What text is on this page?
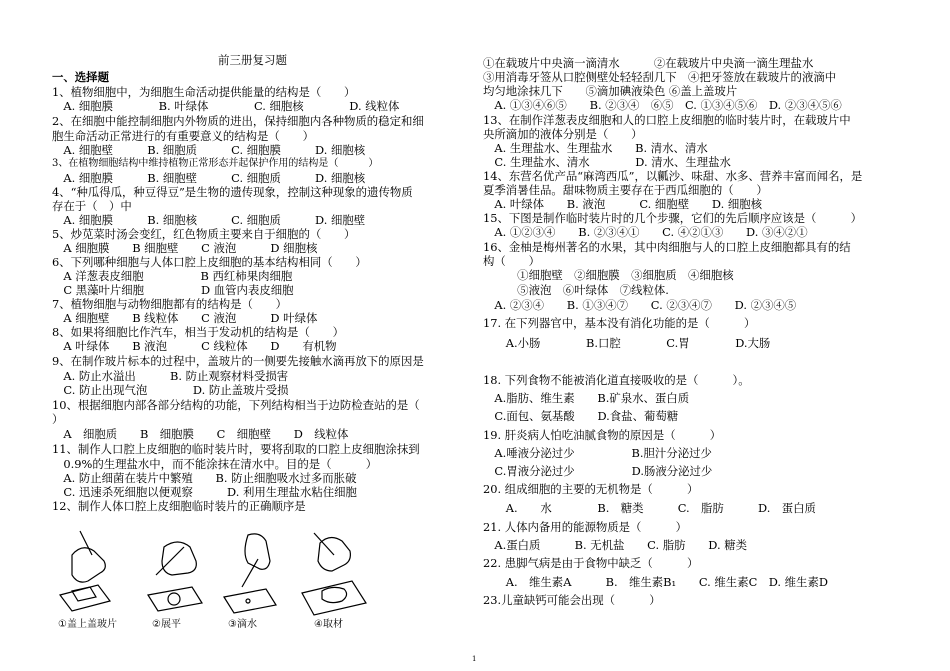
前三册复习题
一、选择题
1、植物细胞中，为细胞生命活动提供能量的结构是（　　）
　A. 细胞膜　　　　B. 叶绿体　　　　C. 细胞核　　　　D. 线粒体
2、在细胞中能控制细胞内外物质的进出，保持细胞内各种物质的稳定和细
胞生命活动正常进行的有重要意义的结构是（　　）
　A. 细胞壁　　　B. 细胞质　　　C. 细胞膜　　　D. 细胞核
3、在植物细胞结构中维持植物正常形态并起保护作用的结构是（　　　）
　A. 细胞膜　　　B. 细胞壁　　　C. 细胞质　　　D. 细胞核
4、“种瓜得瓜，种豆得豆”是生物的遗传现象，控制这种现象的遗传物质
存在于（　）中
　A. 细胞膜　　　B. 细胞核　　　C. 细胞质　　　D. 细胞壁
5、炒苋菜时汤会变红，红色物质主要来自于细胞的（　　）
　A 细胞膜　　B 细胞壁　　C 液泡　　　D 细胞核
6、下列哪种细胞与人体口腔上皮细胞的基本结构相同（　　）
　A 洋葱表皮细胞　　　　　B 西红柿果肉细胞
　C 黑藻叶片细胞　　　　　D 血管内表皮细胞
7、植物细胞与动物细胞都有的结构是（　　）
　A 细胞壁　　B 线粒体　　C 液泡　　　D 叶绿体
8、如果将细胞比作汽车，相当于发动机的结构是（　　）
　A 叶绿体　　B 液泡　　　C 线粒体　　D　　有机物
9、在制作玻片标本的过程中，盖玻片的一侧要先接触水滴再放下的原因是
　A. 防止水溢出　　　B. 防止观察材料受损害
　C. 防止出现气泡　　　　D. 防止盖玻片受损
10、根据细胞内部各部分结构的功能，下列结构相当于边防检查站的是（
）
　A　细胞质　　B　细胞膜　　C　细胞壁　　D　线粒体
11、制作人口腔上皮细胞的临时装片时，要将刮取的口腔上皮细胞涂抹到
　0.9%的生理盐水中，而不能涂抹在清水中。目的是（　　　）
　A. 防止细菌在装片中繁殖　　B. 防止细胞吸水过多而胀破
　C. 迅速杀死细胞以便观察　　　D. 利用生理盐水粘住细胞
12、制作人体口腔上皮细胞临时装片的正确顺序是
①盖上盖玻片	②展平	③滴水	④取材
1
①在载玻片中央滴一滴清水　　　②在载玻片中央滴一滴生理盐水
③用消毒牙签从口腔侧壁处轻轻刮几下　④把牙签放在载玻片的液滴中
均匀地涂抹几下　　⑤滴加碘液染色 ⑥盖上盖玻片
　A. ①③④⑥⑤　　B. ②③④　⑥⑤　C. ①③④⑤⑥　D. ②③④⑤⑥
13、在制作洋葱表皮细胞和人的口腔上皮细胞的临时装片时，在载玻片中
央所滴加的液体分别是（　　）
　A. 生理盐水、生理盐水　　B. 清水、清水
　C. 生理盐水、清水　　　　D. 清水、生理盐水
14、东营名优产品“麻湾西瓜”，以瓤沙、味甜、水多、营养丰富而闻名，是
夏季消暑佳品。甜味物质主要存在于西瓜细胞的（　　）
　A. 叶绿体　　B. 液泡　　　C. 细胞壁　　D. 细胞核
15、下图是制作临时装片时的几个步骤，它们的先后顺序应该是（　　　）
　A. ①②③④　　B. ②③④①　　C. ④②①③　　D. ③④②①
16、金柚是梅州著名的水果，其中肉细胞与人的口腔上皮细胞都具有的结
构（　　）
　　　①细胞壁　②细胞膜　③细胞质　④细胞核
　　　⑤液泡　⑥叶绿体　⑦线粒体.
　A. ②③④　　B. ①③④⑦　　C. ②③④⑦　　D. ②③④⑤
17. 在下列器官中，基本没有消化功能的是（　　　）
　　A.小肠　　　　B.口腔　　　　C.胃　　　　D.大肠
18. 下列食物不能被消化道直接吸收的是（　　　）。
　A.脂肪、维生素　　B.矿泉水、蛋白质
　C.面包、氨基酸　　D.食盐、葡萄糖
19. 肝炎病人怕吃油腻食物的原因是（　　　）
　A.唾液分泌过少　　　　　B.胆汁分泌过少
　C.胃液分泌过少　　　　　D.肠液分泌过少
20. 组成细胞的主要的无机物是（　　　）
　　A.　　水　　　　B.　糖类　　　C.　脂肪　　　D.　蛋白质
21. 人体内备用的能源物质是（　　　）
　A.蛋白质　　　B. 无机盐　　C. 脂肪　　D. 糖类
22. 患脚气病是由于食物中缺乏（　　　）
　　A.　维生素A　　　B.　维生素B₁　　C. 维生素C　D. 维生素D
23.儿童缺钙可能会出现（　　　）
